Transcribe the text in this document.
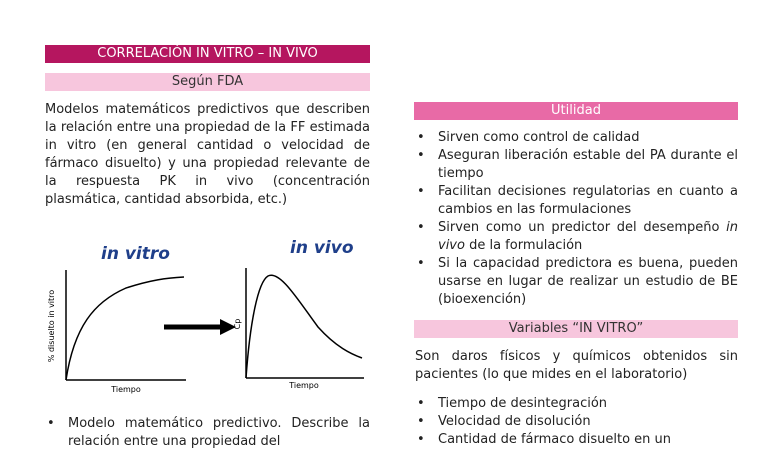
CORRELACIÓN IN VITRO – IN VIVO
Según FDA
Modelos matemáticos predictivos que describen la relación entre una propiedad de la FF estimada in vitro (en general cantidad o velocidad de fármaco disuelto) y una propiedad relevante de la respuesta PK in vivo (concentración plasmática, cantidad absorbida, etc.)
in vitro
% disuelto in vitro
Tiempo
in vivo
Cp
Tiempo
• Modelo matemático predictivo. Describe la relación entre una propiedad del
Utilidad
• Sirven como control de calidad
• Aseguran liberación estable del PA durante el tiempo
• Facilitan decisiones regulatorias en cuanto a cambios en las formulaciones
• Sirven como un predictor del desempeño in vivo de la formulación
• Si la capacidad predictora es buena, pueden usarse en lugar de realizar un estudio de BE (bioexención)
Variables “IN VITRO”
Son daros físicos y químicos obtenidos sin pacientes (lo que mides en el laboratorio)
• Tiempo de desintegración
• Velocidad de disolución
• Cantidad de fármaco disuelto en un
